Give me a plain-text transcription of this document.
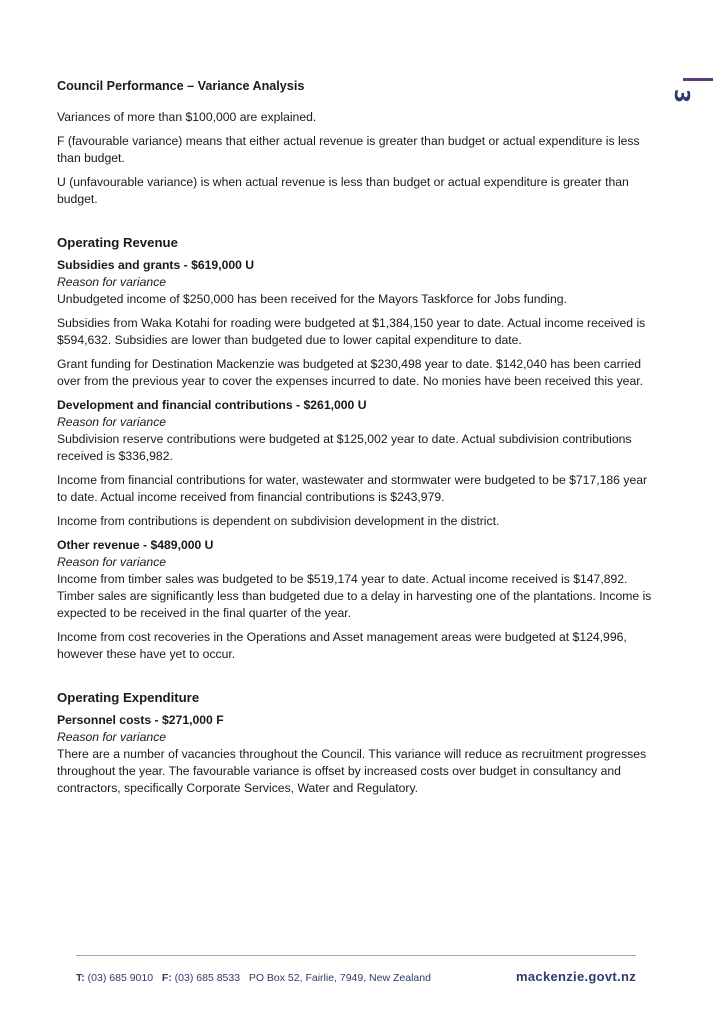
3
Council Performance – Variance Analysis

Variances of more than $100,000 are explained.

F (favourable variance) means that either actual revenue is greater than budget or actual expenditure is less than budget.

U (unfavourable variance) is when actual revenue is less than budget or actual expenditure is greater than budget.

Operating Revenue
Subsidies and grants - $619,000 U
Reason for variance

Unbudgeted income of $250,000 has been received for the Mayors Taskforce for Jobs funding.

Subsidies from Waka Kotahi for roading were budgeted at $1,384,150 year to date. Actual income received is $594,632. Subsidies are lower than budgeted due to lower capital expenditure to date.

Grant funding for Destination Mackenzie was budgeted at $230,498 year to date. $142,040 has been carried over from the previous year to cover the expenses incurred to date. No monies have been received this year.

Development and financial contributions - $261,000 U
Reason for variance

Subdivision reserve contributions were budgeted at $125,002 year to date. Actual subdivision contributions received is $336,982.

Income from financial contributions for water, wastewater and stormwater were budgeted to be $717,186 year to date. Actual income received from financial contributions is $243,979.

Income from contributions is dependent on subdivision development in the district.

Other revenue - $489,000 U
Reason for variance

Income from timber sales was budgeted to be $519,174 year to date. Actual income received is $147,892. Timber sales are significantly less than budgeted due to a delay in harvesting one of the plantations. Income is expected to be received in the final quarter of the year.

Income from cost recoveries in the Operations and Asset management areas were budgeted at $124,996, however these have yet to occur.

Operating Expenditure
Personnel costs - $271,000 F
Reason for variance

There are a number of vacancies throughout the Council. This variance will reduce as recruitment progresses throughout the year. The favourable variance is offset by increased costs over budget in consultancy and contractors, specifically Corporate Services, Water and Regulatory.

T: (03) 685 9010 F: (03) 685 8533 PO Box 52, Fairlie, 7949, New Zealand	mackenzie.govt.nz
